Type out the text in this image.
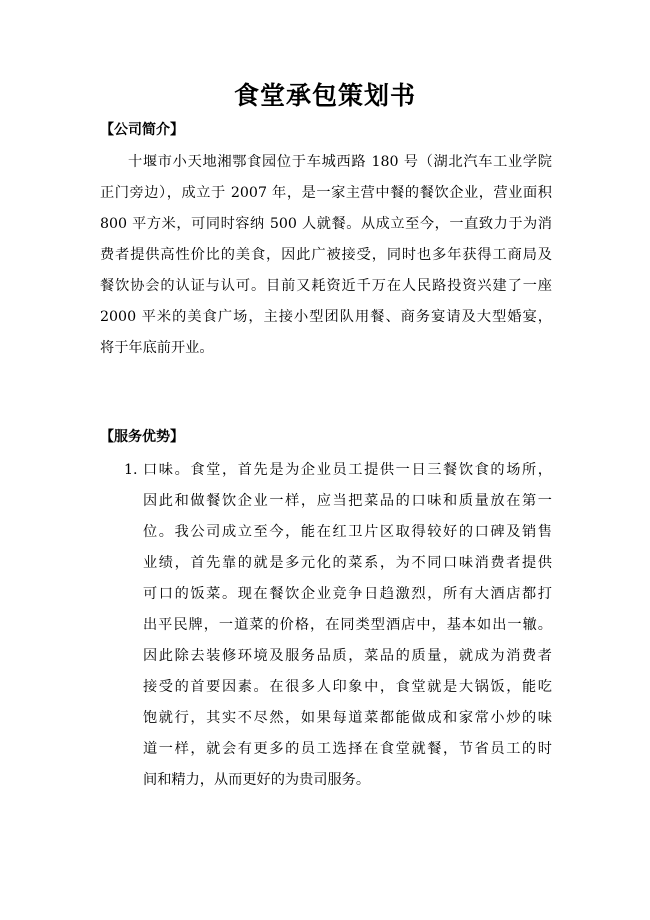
食堂承包策划书
【公司简介】
十堰市小天地湘鄂食园位于车城西路 180 号（湖北汽车工业学院
正门旁边），成立于 2007 年，是一家主营中餐的餐饮企业，营业面积
800 平方米，可同时容纳 500 人就餐。从成立至今，一直致力于为消
费者提供高性价比的美食，因此广被接受，同时也多年获得工商局及
餐饮协会的认证与认可。目前又耗资近千万在人民路投资兴建了一座
2000 平米的美食广场，主接小型团队用餐、商务宴请及大型婚宴，
将于年底前开业。
【服务优势】
1. 口味。食堂，首先是为企业员工提供一日三餐饮食的场所，
因此和做餐饮企业一样，应当把菜品的口味和质量放在第一
位。我公司成立至今，能在红卫片区取得较好的口碑及销售
业绩，首先靠的就是多元化的菜系，为不同口味消费者提供
可口的饭菜。现在餐饮企业竞争日趋激烈，所有大酒店都打
出平民牌，一道菜的价格，在同类型酒店中，基本如出一辙。
因此除去装修环境及服务品质，菜品的质量，就成为消费者
接受的首要因素。在很多人印象中，食堂就是大锅饭，能吃
饱就行，其实不尽然，如果每道菜都能做成和家常小炒的味
道一样，就会有更多的员工选择在食堂就餐，节省员工的时
间和精力，从而更好的为贵司服务。
